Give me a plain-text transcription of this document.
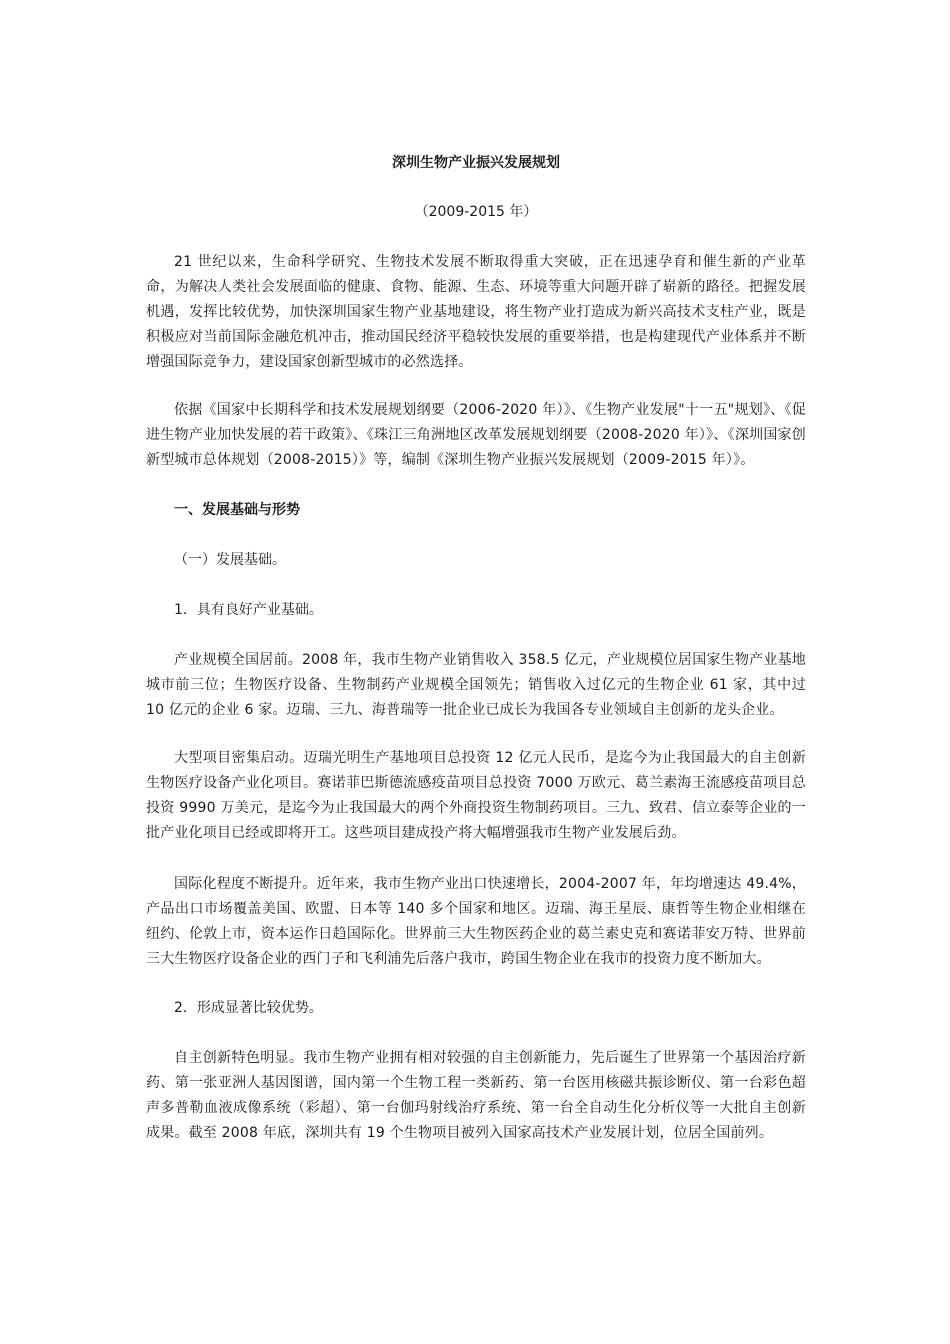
深圳生物产业振兴发展规划

（2009-2015 年）

21 世纪以来，生命科学研究、生物技术发展不断取得重大突破，正在迅速孕育和催生新的产业革命，为解决人类社会发展面临的健康、食物、能源、生态、环境等重大问题开辟了崭新的路径。把握发展机遇，发挥比较优势，加快深圳国家生物产业基地建设，将生物产业打造成为新兴高技术支柱产业，既是积极应对当前国际金融危机冲击，推动国民经济平稳较快发展的重要举措，也是构建现代产业体系并不断增强国际竞争力，建设国家创新型城市的必然选择。

依据《国家中长期科学和技术发展规划纲要（2006-2020 年）》、《生物产业发展"十一五"规划》、《促进生物产业加快发展的若干政策》、《珠江三角洲地区改革发展规划纲要（2008-2020 年）》、《深圳国家创新型城市总体规划（2008-2015）》等，编制《深圳生物产业振兴发展规划（2009-2015 年）》。

一、发展基础与形势

（一）发展基础。

1．具有良好产业基础。

产业规模全国居前。2008 年，我市生物产业销售收入 358.5 亿元，产业规模位居国家生物产业基地城市前三位；生物医疗设备、生物制药产业规模全国领先；销售收入过亿元的生物企业 61 家，其中过 10 亿元的企业 6 家。迈瑞、三九、海普瑞等一批企业已成长为我国各专业领域自主创新的龙头企业。

大型项目密集启动。迈瑞光明生产基地项目总投资 12 亿元人民币，是迄今为止我国最大的自主创新生物医疗设备产业化项目。赛诺菲巴斯德流感疫苗项目总投资 7000 万欧元、葛兰素海王流感疫苗项目总投资 9990 万美元，是迄今为止我国最大的两个外商投资生物制药项目。三九、致君、信立泰等企业的一批产业化项目已经或即将开工。这些项目建成投产将大幅增强我市生物产业发展后劲。

国际化程度不断提升。近年来，我市生物产业出口快速增长，2004-2007 年，年均增速达 49.4%，产品出口市场覆盖美国、欧盟、日本等 140 多个国家和地区。迈瑞、海王星辰、康哲等生物企业相继在纽约、伦敦上市，资本运作日趋国际化。世界前三大生物医药企业的葛兰素史克和赛诺菲安万特、世界前三大生物医疗设备企业的西门子和飞利浦先后落户我市，跨国生物企业在我市的投资力度不断加大。

2．形成显著比较优势。

自主创新特色明显。我市生物产业拥有相对较强的自主创新能力，先后诞生了世界第一个基因治疗新药、第一张亚洲人基因图谱，国内第一个生物工程一类新药、第一台医用核磁共振诊断仪、第一台彩色超声多普勒血液成像系统（彩超）、第一台伽玛射线治疗系统、第一台全自动生化分析仪等一大批自主创新成果。截至 2008 年底，深圳共有 19 个生物项目被列入国家高技术产业发展计划，位居全国前列。
